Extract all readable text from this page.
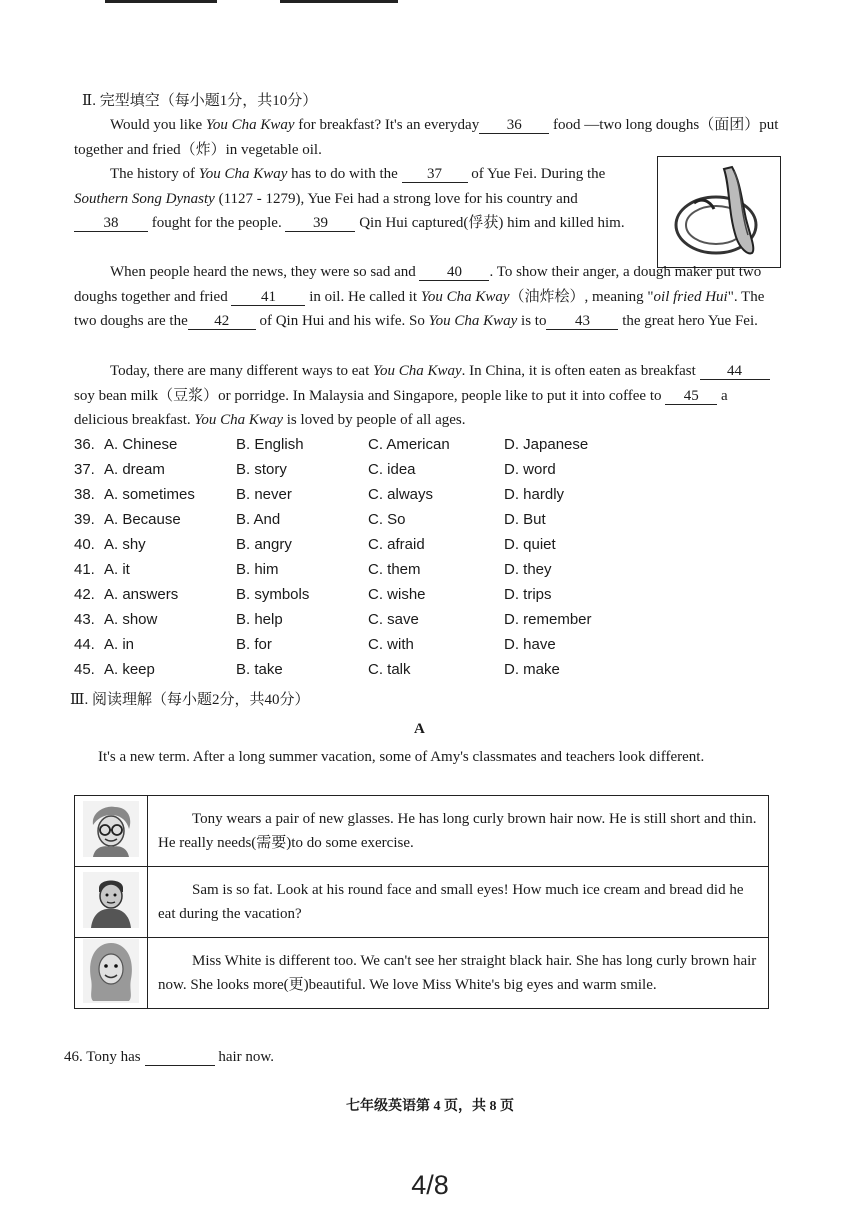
Ⅱ. 完型填空（每小题1分，共10分）
Would you like You Cha Kway for breakfast? It's an everyday 36 food —two long doughs（面团）put together and fried（炸）in vegetable oil.
The history of You Cha Kway has to do with the 37 of Yue Fei. During the Southern Song Dynasty (1127 - 1279), Yue Fei had a strong love for his country and38 fought for the people. 39 Qin Hui captured(俘获) him and killed him.
When people heard the news, they were so sad and 40 . To show their anger, a dough maker put two doughs together and fried 41 in oil. He called it You Cha Kway（油炸桧）, meaning "oil fried Hui". The two doughs are the 42 of Qin Hui and his wife. So You Cha Kway is to 43 the great hero Yue Fei.
Today, there are many different ways to eat You Cha Kway. In China, it is often eaten as breakfast 44 soy bean milk（豆浆）or porridge. In Malaysia and Singapore, people like to put it into coffee to 45 a delicious breakfast. You Cha Kway is loved by people of all ages.
36. A. Chinese	B. English	C. American	D. Japanese
37. A. dream	B. story	C. idea	D. word
38. A. sometimes	B. never	C. always	D. hardly
39. A. Because	B. And	C. So	D. But
40. A. shy	B. angry	C. afraid	D. quiet
41. A. it	B. him	C. them	D. they
42. A. answers	B. symbols	C. wishe	D. trips
43. A. show	B. help	C. save	D. remember
44. A. in	B. for	C. with	D. have
45. A. keep	B. take	C. talk	D. make
Ⅲ. 阅读理解（每小题2分，共40分）
A
It's a new term. After a long summer vacation, some of Amy's classmates and teachers look different.
	Tony wears a pair of new glasses. He has long curly brown hair now. He is still short and thin. He really needs(需要)to do some exercise.
	Sam is so fat. Look at his round face and small eyes! How much ice cream and bread did he eat during the vacation?
	Miss White is different too. We can't see her straight black hair. She has long curly brown hair now. She looks more(更)beautiful. We love Miss White's big eyes and warm smile.
46. Tony has	hair now.
七年级英语第 4 页，共 8 页
4/8
